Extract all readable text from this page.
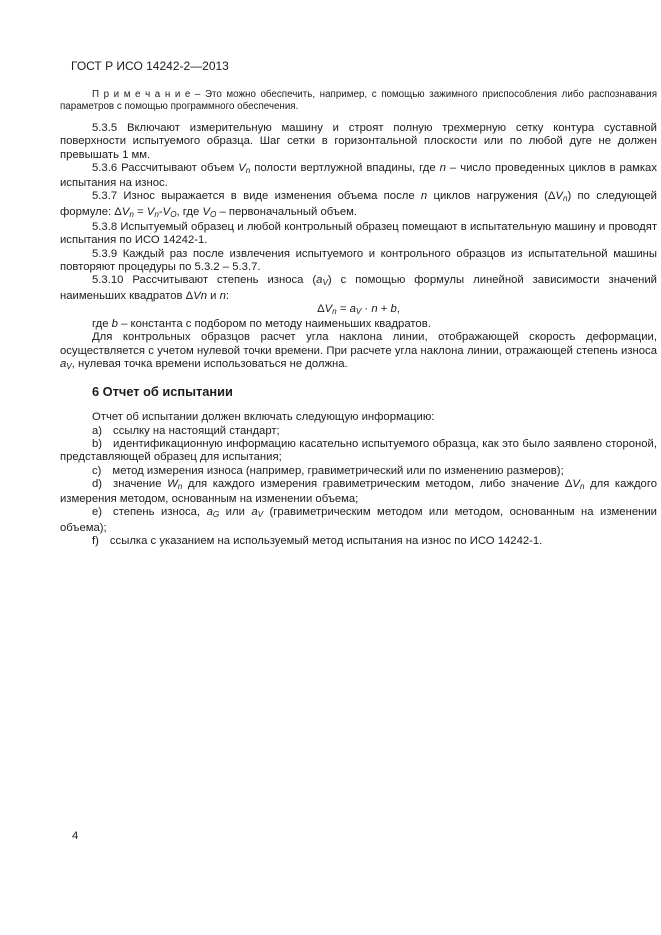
ГОСТ Р ИСО 14242-2—2013
П р и м е ч а н и е – Это можно обеспечить, например, с помощью зажимного приспособления либо распознавания параметров с помощью программного обеспечения.
5.3.5 Включают измерительную машину и строят полную трехмерную сетку контура суставной поверхности испытуемого образца. Шаг сетки в горизонтальной плоскости или по любой дуге не должен превышать 1 мм.
5.3.6 Рассчитывают объем Vn полости вертлужной впадины, где n – число проведенных циклов в рамках испытания на износ.
5.3.7 Износ выражается в виде изменения объема после n циклов нагружения (ΔVn) по следующей формуле: ΔVn = Vn-VO, где VO – первоначальный объем.
5.3.8 Испытуемый образец и любой контрольный образец помещают в испытательную машину и проводят испытания по ИСО 14242-1.
5.3.9 Каждый раз после извлечения испытуемого и контрольного образцов из испытательной машины повторяют процедуры по 5.3.2 – 5.3.7.
5.3.10 Рассчитывают степень износа (aV) с помощью формулы линейной зависимости значений наименьших квадратов ΔVn и n:
ΔVn = aV · n + b,
где b – константа с подбором по методу наименьших квадратов.
Для контрольных образцов расчет угла наклона линии, отображающей скорость деформации, осуществляется с учетом нулевой точки времени. При расчете угла наклона линии, отражающей степень износа aV, нулевая точка времени использоваться не должна.
6 Отчет об испытании
Отчет об испытании должен включать следующую информацию:
a) ссылку на настоящий стандарт;
b) идентификационную информацию касательно испытуемого образца, как это было заявлено стороной, представляющей образец для испытания;
c) метод измерения износа (например, гравиметрический или по изменению размеров);
d) значение Wn для каждого измерения гравиметрическим методом, либо значение ΔVn для каждого измерения методом, основанным на изменении объема;
e) степень износа, aG или aV (гравиметрическим методом или методом, основанным на изменении объема);
f) ссылка с указанием на используемый метод испытания на износ по ИСО 14242-1.
4
